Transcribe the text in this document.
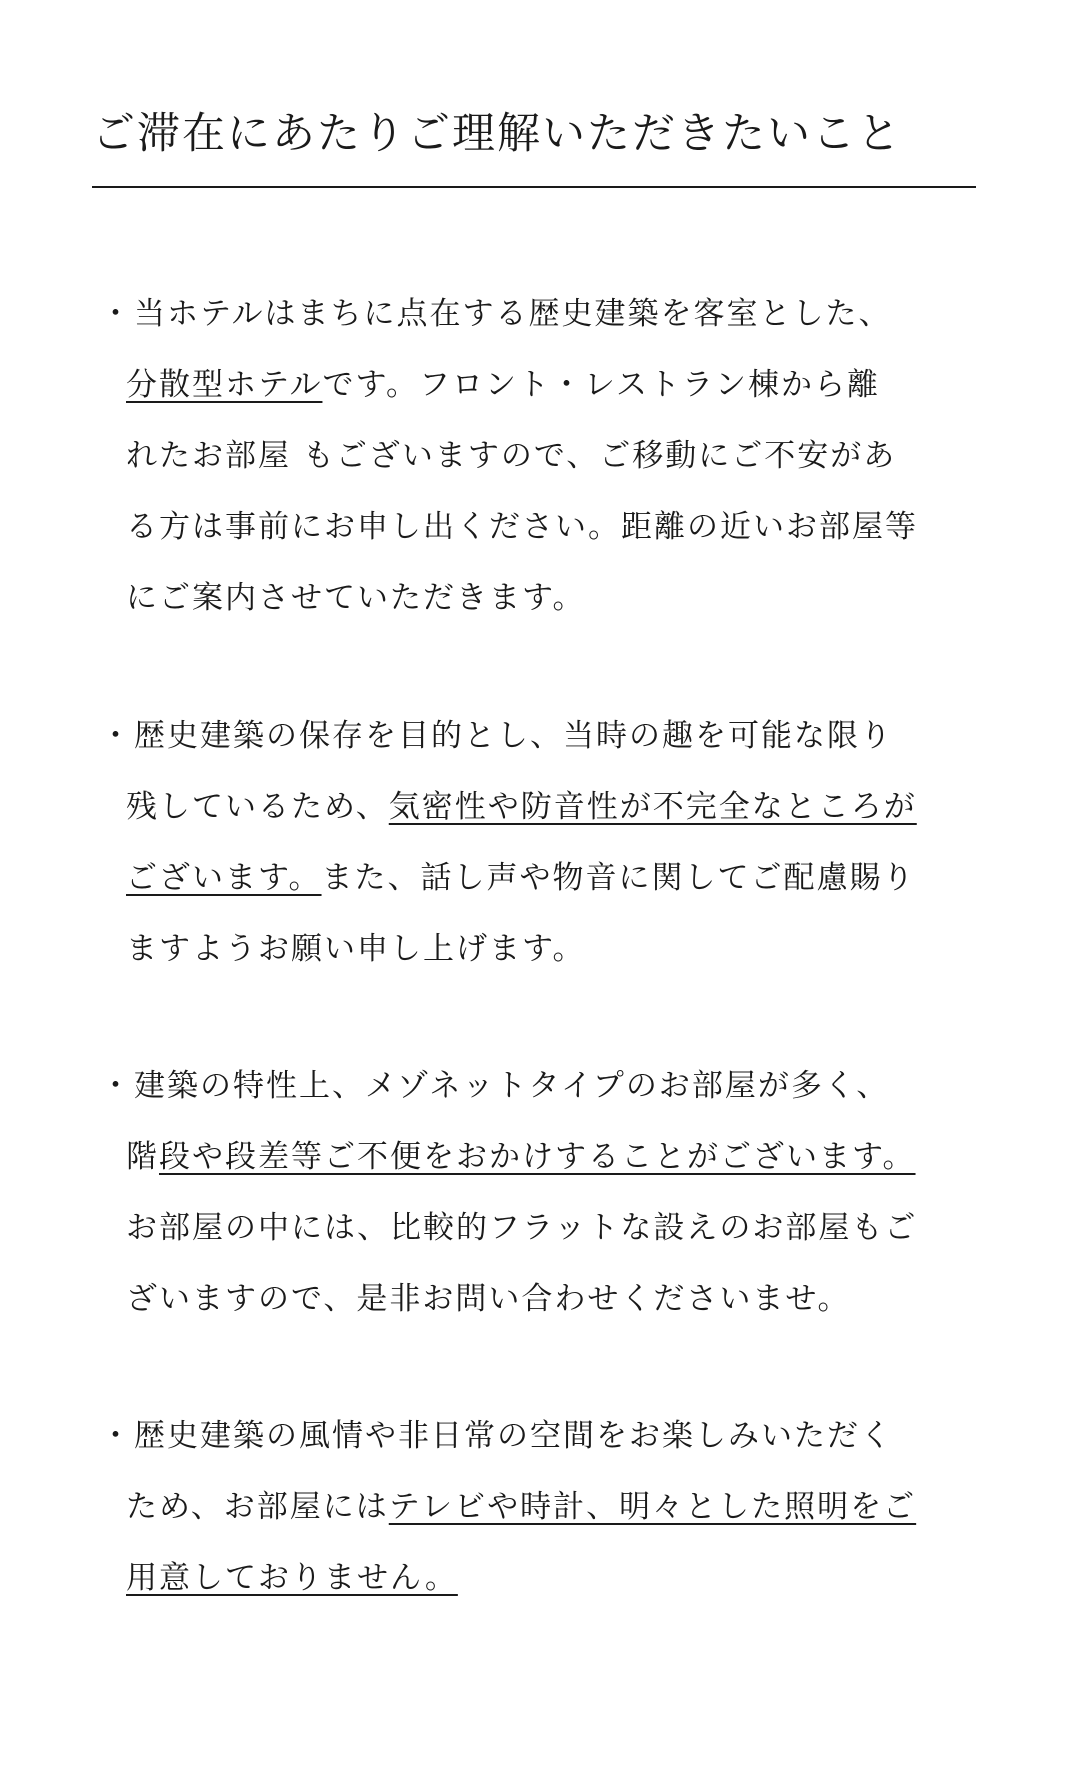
ご滞在にあたりご理解いただきたいこと
・当ホテルはまちに点在する歴史建築を客室とした、
分散型ホテルです。フロント・レストラン棟から離
れたお部屋 もございますので、ご移動にご不安があ
る方は事前にお申し出ください。距離の近いお部屋等
にご案内させていただきます。
・歴史建築の保存を目的とし、当時の趣を可能な限り
残しているため、気密性や防音性が不完全なところが
ございます。また、話し声や物音に関してご配慮賜り
ますようお願い申し上げます。
・建築の特性上、メゾネットタイプのお部屋が多く、
階段や段差等ご不便をおかけすることがございます。
お部屋の中には、比較的フラットな設えのお部屋もご
ざいますので、是非お問い合わせくださいませ。
・歴史建築の風情や非日常の空間をお楽しみいただく
ため、お部屋にはテレビや時計、明々とした照明をご
用意しておりません。
